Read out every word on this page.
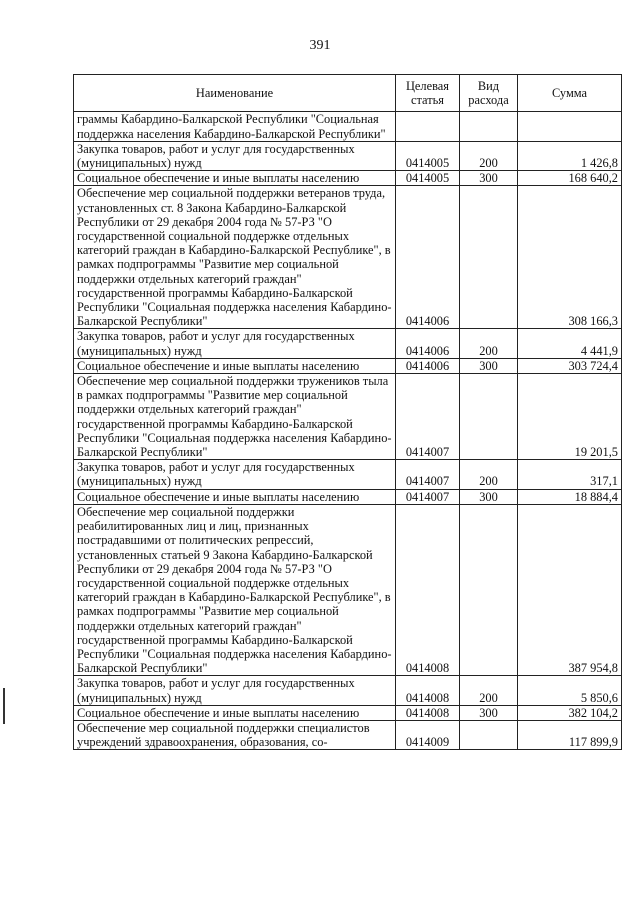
391
Наименование	Целевая статья	Вид расхода	Сумма
граммы Кабардино-Балкарской Республики "Социальная поддержка населения Кабардино-Балкарской Республики"			
Закупка товаров, работ и услуг для государственных (муниципальных) нужд	0414005	200	1 426,8
Социальное обеспечение и иные выплаты населению	0414005	300	168 640,2
Обеспечение мер социальной поддержки ветеранов труда, установленных ст. 8 Закона Кабардино-Балкарской Республики от 29 декабря 2004 года № 57-РЗ "О государственной социальной поддержке отдельных категорий граждан в Кабардино-Балкарской Республике", в рамках подпрограммы "Развитие мер социальной поддержки отдельных категорий граждан" государственной программы Кабардино-Балкарской Республики "Социальная поддержка населения Кабардино-Балкарской Республики"	0414006		308 166,3
Закупка товаров, работ и услуг для государственных (муниципальных) нужд	0414006	200	4 441,9
Социальное обеспечение и иные выплаты населению	0414006	300	303 724,4
Обеспечение мер социальной поддержки тружеников тыла в рамках подпрограммы "Развитие мер социальной поддержки отдельных категорий граждан" государственной программы Кабардино-Балкарской Республики "Социальная поддержка населения Кабардино-Балкарской Республики"	0414007		19 201,5
Закупка товаров, работ и услуг для государственных (муниципальных) нужд	0414007	200	317,1
Социальное обеспечение и иные выплаты населению	0414007	300	18 884,4
Обеспечение мер социальной поддержки реабилитированных лиц и лиц, признанных пострадавшими от политических репрессий, установленных статьей 9 Закона Кабардино-Балкарской Республики от 29 декабря 2004 года № 57-РЗ "О государственной социальной поддержке отдельных категорий граждан в Кабардино-Балкарской Республике", в рамках подпрограммы "Развитие мер социальной поддержки отдельных категорий граждан" государственной программы Кабардино-Балкарской Республики "Социальная поддержка населения Кабардино-Балкарской Республики"	0414008		387 954,8
Закупка товаров, работ и услуг для государственных (муниципальных) нужд	0414008	200	5 850,6
Социальное обеспечение и иные выплаты населению	0414008	300	382 104,2
Обеспечение мер социальной поддержки специалистов учреждений здравоохранения, образования, со-	0414009		117 899,9
